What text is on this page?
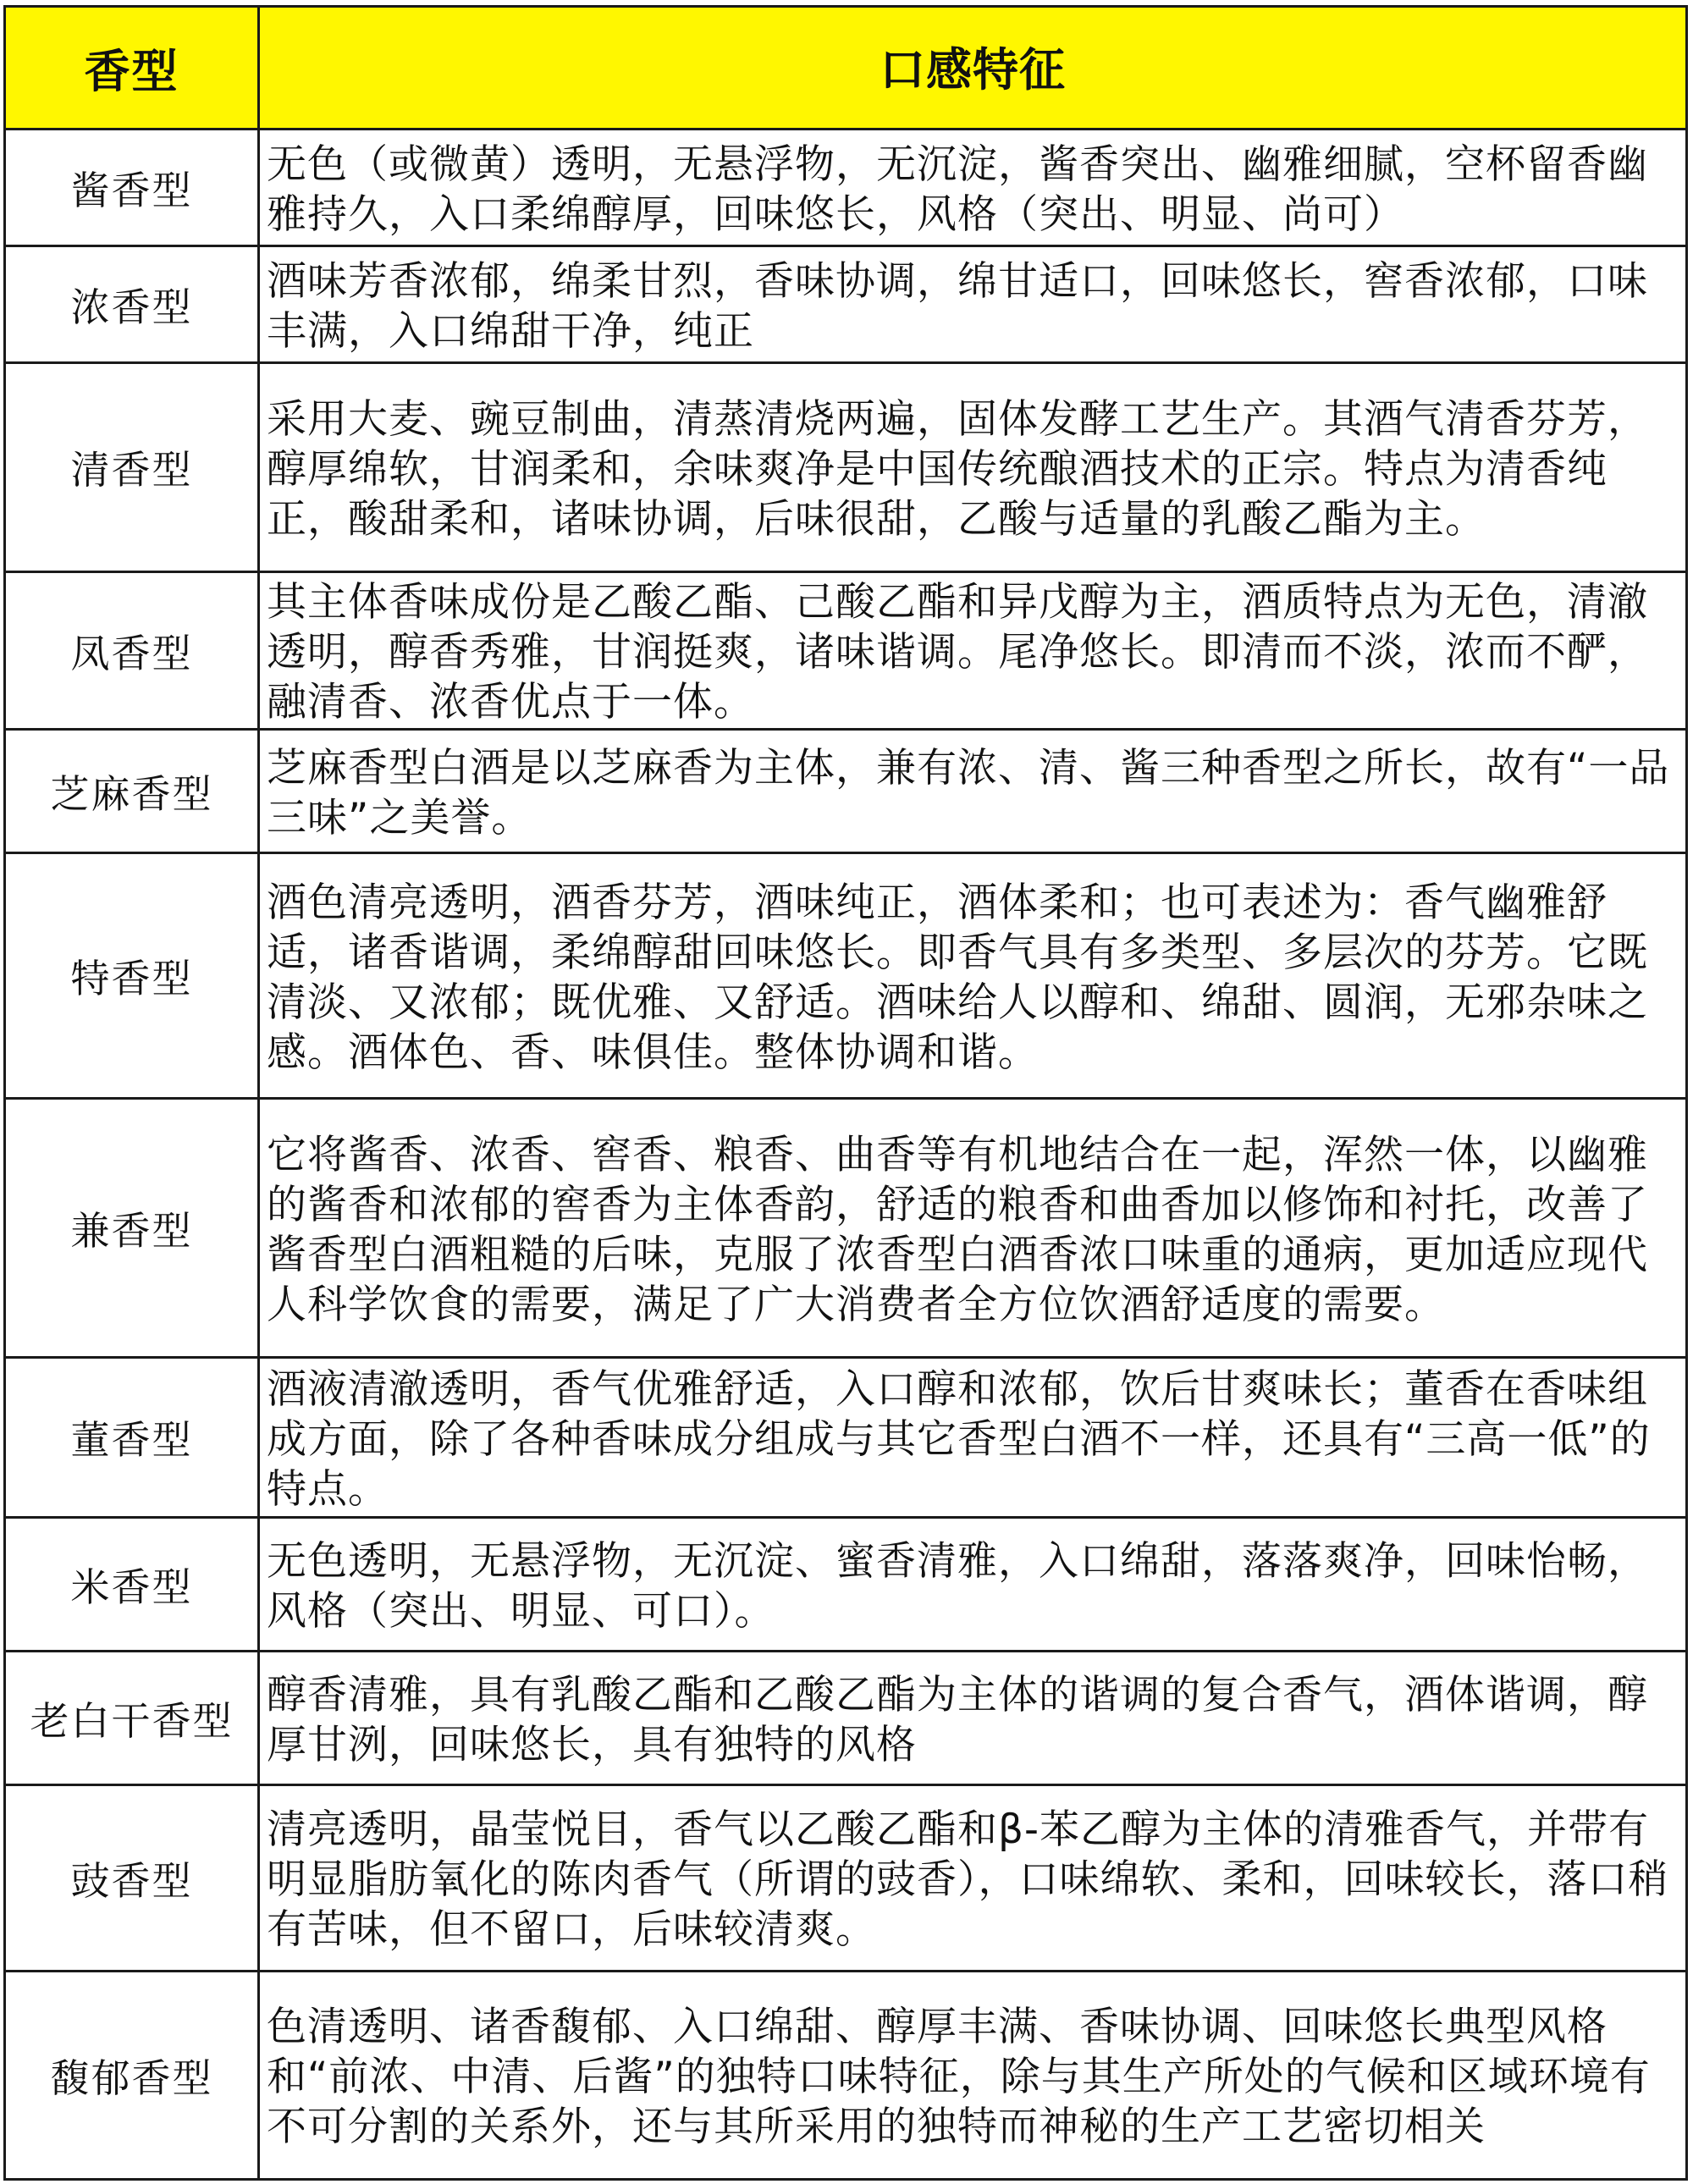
香型	口感特征
酱香型
无色（或微黄）透明，无悬浮物，无沉淀，酱香突出、幽雅细腻，空杯留香幽雅持久，入口柔绵醇厚，回味悠长，风格（突出、明显、尚可）
浓香型
酒味芳香浓郁，绵柔甘烈，香味协调，绵甘适口，回味悠长，窖香浓郁，口味丰满，入口绵甜干净，纯正
清香型
采用大麦、豌豆制曲，清蒸清烧两遍，固体发酵工艺生产。其酒气清香芬芳，醇厚绵软，甘润柔和，余味爽净是中国传统酿酒技术的正宗。特点为清香纯正，酸甜柔和，诸味协调，后味很甜，乙酸与适量的乳酸乙酯为主。
凤香型
其主体香味成份是乙酸乙酯、己酸乙酯和异戊醇为主，酒质特点为无色，清澈透明，醇香秀雅，甘润挺爽，诸味谐调。尾净悠长。即清而不淡，浓而不酽，融清香、浓香优点于一体。
芝麻香型
芝麻香型白酒是以芝麻香为主体，兼有浓、清、酱三种香型之所长，故有“一品三味”之美誉。
特香型
酒色清亮透明，酒香芬芳，酒味纯正，酒体柔和；也可表述为：香气幽雅舒适，诸香谐调，柔绵醇甜回味悠长。即香气具有多类型、多层次的芬芳。它既清淡、又浓郁；既优雅、又舒适。酒味给人以醇和、绵甜、圆润，无邪杂味之感。酒体色、香、味俱佳。整体协调和谐。
兼香型
它将酱香、浓香、窖香、粮香、曲香等有机地结合在一起，浑然一体，以幽雅的酱香和浓郁的窖香为主体香韵，舒适的粮香和曲香加以修饰和衬托，改善了酱香型白酒粗糙的后味，克服了浓香型白酒香浓口味重的通病，更加适应现代人科学饮食的需要，满足了广大消费者全方位饮酒舒适度的需要。
董香型
酒液清澈透明，香气优雅舒适，入口醇和浓郁，饮后甘爽味长；董香在香味组成方面，除了各种香味成分组成与其它香型白酒不一样，还具有“三高一低”的特点。
米香型
无色透明，无悬浮物，无沉淀、蜜香清雅，入口绵甜，落落爽净，回味怡畅，风格（突出、明显、可口）。
老白干香型
醇香清雅，具有乳酸乙酯和乙酸乙酯为主体的谐调的复合香气，酒体谐调，醇厚甘洌，回味悠长，具有独特的风格
豉香型
清亮透明，晶莹悦目，香气以乙酸乙酯和β-苯乙醇为主体的清雅香气，并带有明显脂肪氧化的陈肉香气（所谓的豉香），口味绵软、柔和，回味较长，落口稍有苦味，但不留口，后味较清爽。
馥郁香型
色清透明、诸香馥郁、入口绵甜、醇厚丰满、香味协调、回味悠长典型风格和“前浓、中清、后酱”的独特口味特征，除与其生产所处的气候和区域环境有不可分割的关系外，还与其所采用的独特而神秘的生产工艺密切相关
